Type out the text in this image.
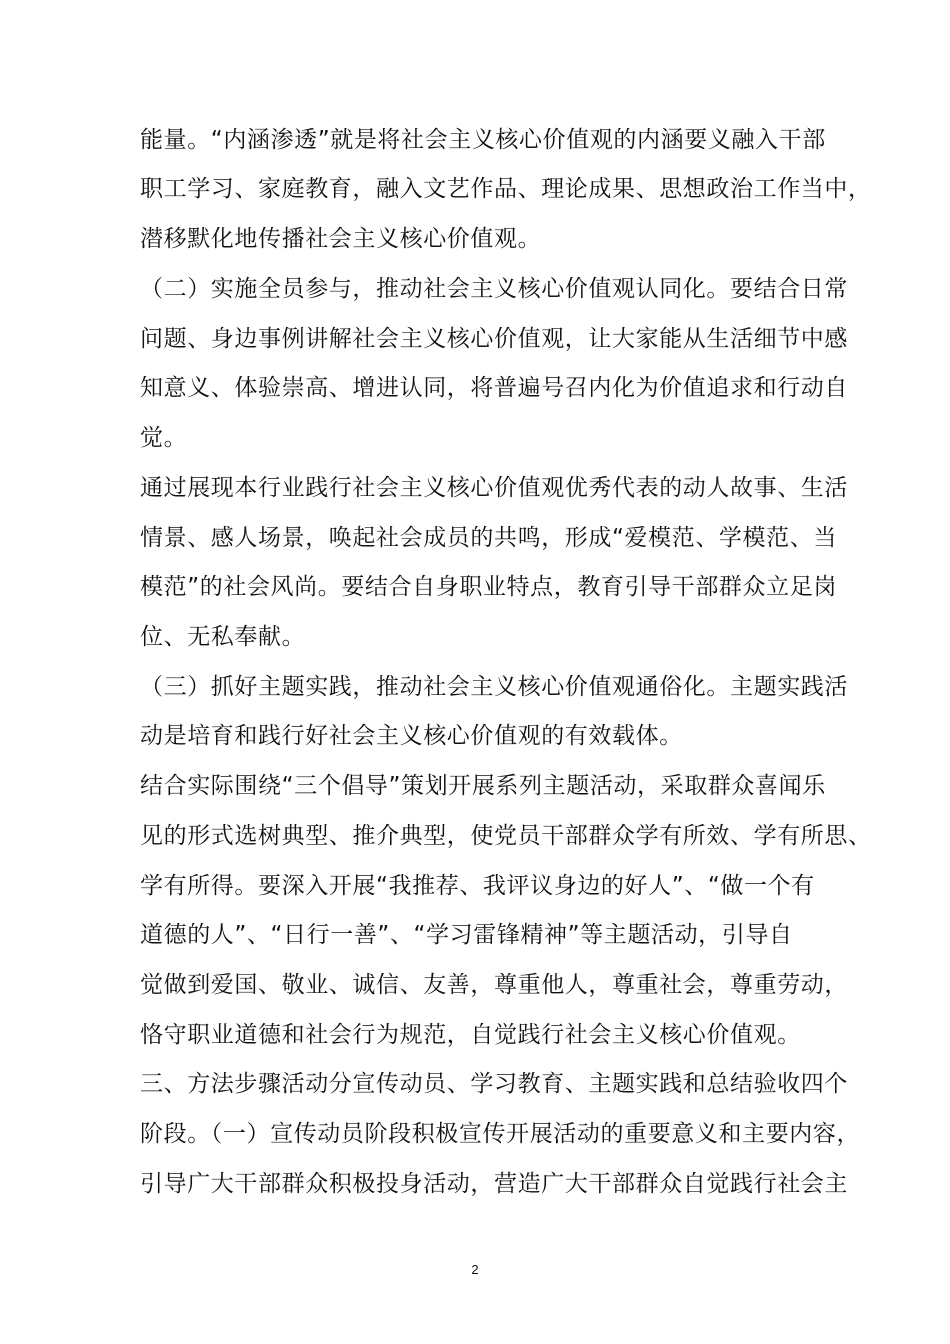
能量。“内涵渗透”就是将社会主义核心价值观的内涵要义融入干部
职工学习、家庭教育，融入文艺作品、理论成果、思想政治工作当中，
潜移默化地传播社会主义核心价值观。
（二）实施全员参与，推动社会主义核心价值观认同化。要结合日常
问题、身边事例讲解社会主义核心价值观，让大家能从生活细节中感
知意义、体验崇高、增进认同，将普遍号召内化为价值追求和行动自
觉。
通过展现本行业践行社会主义核心价值观优秀代表的动人故事、生活
情景、感人场景，唤起社会成员的共鸣，形成“爱模范、学模范、当
模范”的社会风尚。要结合自身职业特点，教育引导干部群众立足岗
位、无私奉献。
（三）抓好主题实践，推动社会主义核心价值观通俗化。主题实践活
动是培育和践行好社会主义核心价值观的有效载体。
结合实际围绕“三个倡导”策划开展系列主题活动，采取群众喜闻乐
见的形式选树典型、推介典型，使党员干部群众学有所效、学有所思、
学有所得。要深入开展“我推荐、我评议身边的好人”、“做一个有
道德的人”、“日行一善”、“学习雷锋精神”等主题活动，引导自
觉做到爱国、敬业、诚信、友善，尊重他人，尊重社会，尊重劳动，
恪守职业道德和社会行为规范，自觉践行社会主义核心价值观。
三、方法步骤活动分宣传动员、学习教育、主题实践和总结验收四个
阶段。（一）宣传动员阶段积极宣传开展活动的重要意义和主要内容，
引导广大干部群众积极投身活动，营造广大干部群众自觉践行社会主
2
